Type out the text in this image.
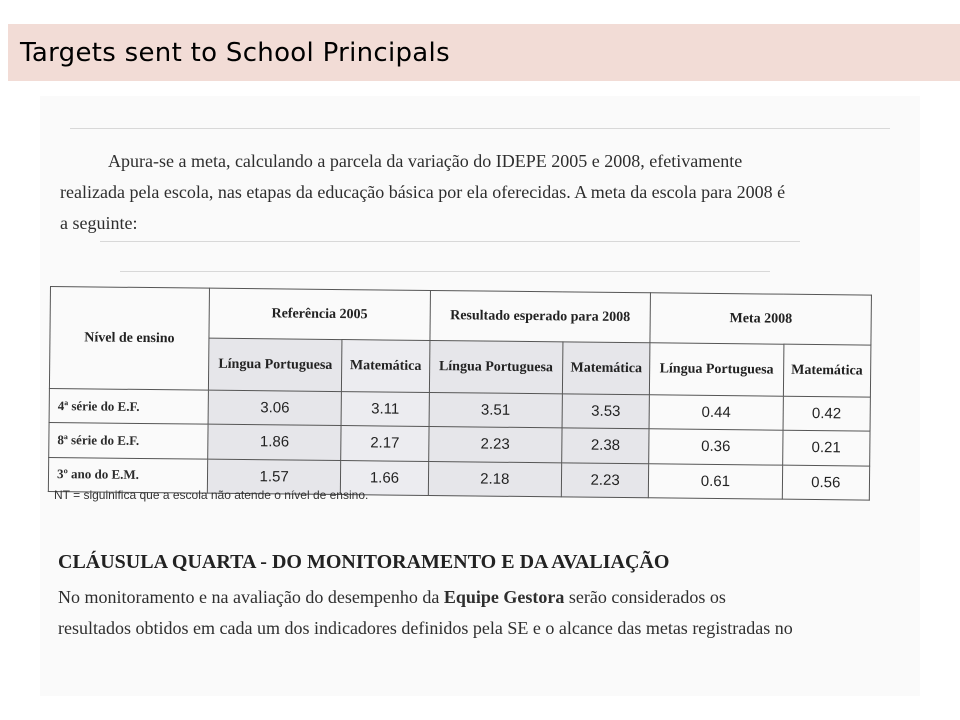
Targets sent to School Principals
Apura-se a meta, calculando a parcela da variação do IDEPE 2005 e 2008, efetivamente
realizada pela escola, nas etapas da educação básica por ela oferecidas. A meta da escola para 2008 é
a seguinte:
Nível de ensino	Referência 2005		Resultado esperado para 2008		Meta 2008	
	Língua Portuguesa	Matemática	Língua Portuguesa	Matemática	Língua Portuguesa	Matemática
4ª série do E.F.	3.06	3.11	3.51	3.53	0.44	0.42
8ª série do E.F.	1.86	2.17	2.23	2.38	0.36	0.21
3º ano do E.M.	1.57	1.66	2.18	2.23	0.61	0.56
NT = siguinifica que a escola não atende o nível de ensino.
CLÁUSULA QUARTA - DO MONITORAMENTO E DA AVALIAÇÃO
No monitoramento e na avaliação do desempenho da Equipe Gestora serão considerados os
resultados obtidos em cada um dos indicadores definidos pela SE e o alcance das metas registradas no
